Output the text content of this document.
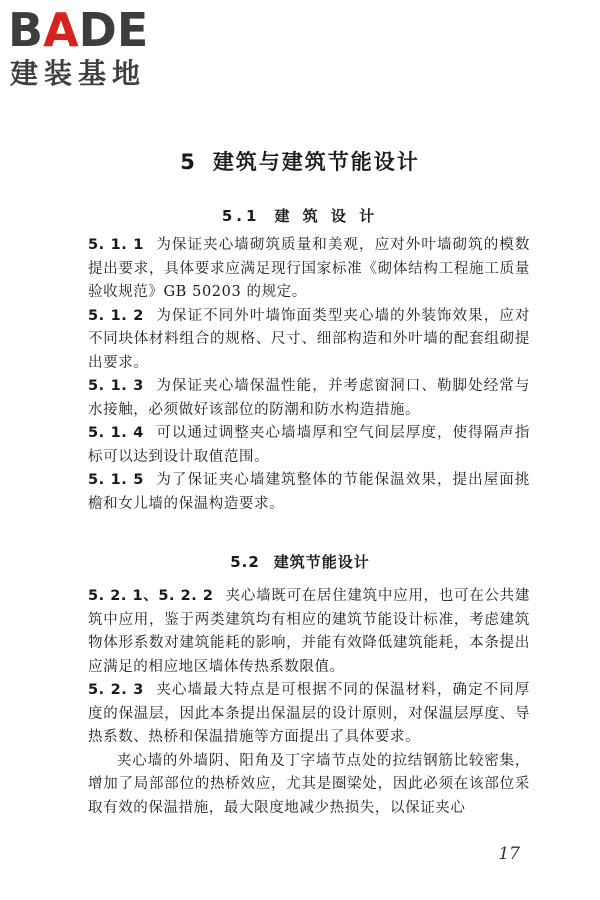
BADE
建装基地
5 建筑与建筑节能设计
5.1 建 筑 设 计

5. 1. 1 为保证夹心墙砌筑质量和美观，应对外叶墙砌筑的模数提出要求，具体要求应满足现行国家标准《砌体结构工程施工质量验收规范》GB 50203 的规定。

5. 1. 2 为保证不同外叶墙饰面类型夹心墙的外装饰效果，应对不同块体材料组合的规格、尺寸、细部构造和外叶墙的配套组砌提出要求。

5. 1. 3 为保证夹心墙保温性能，并考虑窗洞口、勒脚处经常与水接触，必须做好该部位的防潮和防水构造措施。

5. 1. 4 可以通过调整夹心墙墙厚和空气间层厚度，使得隔声指标可以达到设计取值范围。

5. 1. 5 为了保证夹心墙建筑整体的节能保温效果，提出屋面挑檐和女儿墙的保温构造要求。

5.2 建筑节能设计

5. 2. 1、5. 2. 2 夹心墙既可在居住建筑中应用，也可在公共建筑中应用，鉴于两类建筑均有相应的建筑节能设计标准，考虑建筑物体形系数对建筑能耗的影响，并能有效降低建筑能耗，本条提出应满足的相应地区墙体传热系数限值。

5. 2. 3 夹心墙最大特点是可根据不同的保温材料，确定不同厚度的保温层，因此本条提出保温层的设计原则，对保温层厚度、导热系数、热桥和保温措施等方面提出了具体要求。

夹心墙的外墙阴、阳角及丁字墙节点处的拉结钢筋比较密集，增加了局部部位的热桥效应，尤其是圈梁处，因此必须在该部位采取有效的保温措施，最大限度地减少热损失，以保证夹心

17
